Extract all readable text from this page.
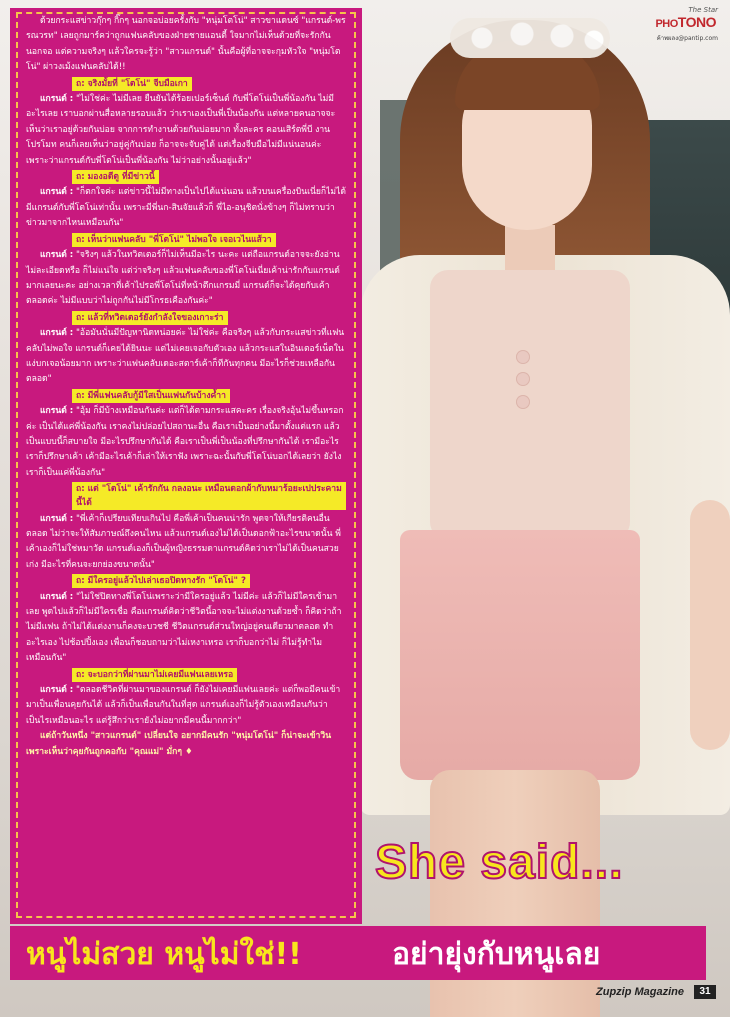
The Star
PHOTONO
ค้าพผลง@pantip.com

ด้วยกระแสข่าวกุ๊กๆ กิ๊กๆ นอกจอบ่อยครั้งกับ "หนุ่มโตโน่" สาวขาแดนซ์ "แกรนด์-พรรณวรท" เลยถูกมาร์คว่าถูกแฟนคลับของฝ่ายชายแอนตี้ ใจมากไม่เห็นด้วยที่จะรักกันนอกจอ แต่ความจริงๆ แล้วใครจะรู้ว่า "สาวแกรนด์" นั้นคือผู้ที่อาจจะกุมหัวใจ "หนุ่มโตโน่" ผ่าวงเม้งแฟนคลับได้!!

ถ: จริงมั้ยที่ "โตโน่" จีบมือเกา

แกรนด์ : "ไม่ใช่ค่ะ ไม่มีเลย ยืนยันได้ร้อยเปอร์เซ็นต์ กับพี่โตโน่เป็นพี่น้องกัน ไม่มีอะไรเลย เราบอกผ่านสื่อหลายรอบแล้ว ว่าเราเองเป็นพี่เป็นน้องกัน แต่หลายคนอาจจะเห็นว่าเราอยู่ด้วยกันบ่อย จากการทำงานด้วยกันบ่อยมาก ทั้งละคร คอนเสิร์ตพี่บี งานโปรโมท คนก็เลยเห็นว่าอยู่คู่กันบ่อย ก็อาจจะจับคู่ได้ แต่เรื่องจีบมือไม่มีแน่นอนค่ะ เพราะว่าแกรนด์กับพี่โตโน่เป็นพี่น้องกัน ไม่ว่าอย่างนั้นอยู่แล้ว"

ถ: มองอดีตู ที่มีข่าวนี้

แกรนด์ : "ก็ตกใจค่ะ แต่ข่าวนี้ไม่มีทางเป็นไปได้แน่นอน แล้วบนเครื่องบินเนี่ยก็ไม่ได้มีแกรนด์กับพี่โตโน่เท่านั้น เพราะมีพี่นก-สินจัยแล้วก็ พี่ไอ-อนุชิตนั่งข้างๆ ก็ไม่ทราบว่าข่าวมาจากไหนเหมือนกัน"

ถ: เห็นว่าแฟนคลับ "พี่โตโน่" ไม่พอใจ เจอเวไนแส้วา

แกรนด์ : "จริงๆ แล้วในทวิตเตอร์ก็ไม่เห็นมีอะไร นะคะ แต่ถือแกรนด์อาจจะยังอ่านไม่ละเอียดหรือ ก็ไม่แน่ใจ แต่ว่าจริงๆ แล้วแฟนคลับของพี่โตโน่เนี่ยเค้าน่ารักกับแกรนด์มากเลยนะคะ อย่างเวลาที่เค้าไปรอพี่โตโน่ที่หน้าตึกแกรมมี่ แกรนด์ก็จะได้คุยกับเค้าตลอดค่ะ ไม่มีแบบว่าไม่ถูกกันไม่มีโกรธเคืองกันค่ะ"

ถ: แล้วที่ทวิตเตอร์ยังกำลังใจของเกาะร่า

แกรนด์ : "อ้อมันนั่นมีปัญหานิดหน่อยค่ะ ไม่ใช่ค่ะ คือจริงๆ แล้วกับกระแสข่าวที่แฟนคลับไม่พอใจ แกรนด์ก็เคยได้ยินนะ แต่ไม่เคยเจอกับตัวเอง แล้วกระแสในอินเตอร์เน็ตในแง่บกเจอน้อยมาก เพราะว่าแฟนคลับเดอะสตาร์เค้าก็ทีกันทุกคน มีอะไรก็ช่วยเหลือกันตลอด"

ถ: มีพี่แฟนคลับกู้มีใสเป็นแฟนกันบ้างค้ำา

แกรนด์ : "อุ้ม ก็มีบ้างเหมือนกันค่ะ แต่ก็ได้ตามกระแสคะคร เรื่องจริงอุ้นไม่ขึ้นหรอกค่ะ เป็นได้แค่พี่น้องกัน เราคงไม่ปล่อยไปสถานะอื่น คือเราเป็นอย่างนี้มาตั้งแต่แรก แล้วเป็นแบบนี้ก็สบายใจ มีอะไรปรึกษากันได้ คือเราเป็นพี่เป็นน้องที่ปรึกษากันได้ เรามีอะไรเราก็ปรึกษาเค้า เค้ามีอะไรเค้าก็เล่าให้เราฟัง เพราะฉะนั้นกับพี่โตโน่บอกได้เลยว่า ยังไงเราก็เป็นแค่พี่น้องกัน"

ถ: แต่ "โตโน่" เค้ารักกัน กลงอนะ เหมือนดอกผ้ากับหมาร้อยะเปประคามนี้ได้

แกรนด์ : "พี่เค้าก็เปรียบเทียบเกินไป คือพี่เค้าเป็นคนน่ารัก พูดจาให้เกียรติคนอื่นตลอด ไม่ว่าจะให้สัมภาษณ์ถึงคนไหน แล้วแกรนด์เองไม่ได้เป็นดอกฟ้าอะไรขนาดนั้น พี่เค้าเองก็ไม่ใช่หมาวัด แกรนด์เองก็เป็นผู้หญิงธรรมดาแกรนด์คิดว่าเราไม่ได้เป็นคนสวย เก่ง มีอะไรที่คนจะยกย่องขนาดนั้น"

ถ: มีใครอยู่แล้วไปเล่าเธอปิดทางรัก "โตโน่" ?

แกรนด์ : "ไม่ใช่ปิดทางพี่โตโน่เพราะว่ามีใครอยู่แล้ว ไม่มีค่ะ แล้วก็ไม่มีใครเข้ามาเลย พูดไปแล้วก็ไม่มีใครเชื่อ คือแกรนด์คิดว่าชีวิตนี้อาจจะไม่แต่งงานด้วยซ้ำ ก็คิดว่าถ้าไม่มีแฟน ถ้าไม่ได้แต่งงานก็คงจะบวชชี ชีวิตแกรนด์ส่วนใหญ่อยู่คนเดียวมาตลอด ทำอะไรเอง ไปช้อปปิ้งเอง เพื่อนก็ชอบถามว่าไม่เหงาเหรอ เราก็บอกว่าไม่ ก็ไม่รู้ทำไมเหมือนกัน"

ถ: จะบอกว่าที่ผ่านมาไม่เคยมีแฟนเลยเหรอ

แกรนด์ : "ตลอดชีวิตที่ผ่านมาของแกรนด์ ก็ยังไม่เคยมีแฟนเลยค่ะ แต่ก็พอมีคนเข้ามาเป็นเพื่อนคุยกันได้ แล้วก็เป็นเพื่อนกันในที่สุด แกรนด์เองก็ไม่รู้ตัวเองเหมือนกันว่าเป็นไรเหมือนอะไร แต่รู้สึกว่าเรายังไม่อยากมีคนนี้มากกว่า"

แต่ถ้าวันหนึ่ง "สาวแกรนด์" เปลี่ยนใจ อยากมีคนรัก "หนุ่มโตโน่" ก็น่าจะเข้าวิน เพราะเห็นว่าคุยกันถูกคอกับ "คุณแม่" มั่กๆ ♦

She said...
หนูไม่สวย หนูไม่ใช่!!	อย่ายุ่งกับหนูเลย
Zupzip Magazine	31
